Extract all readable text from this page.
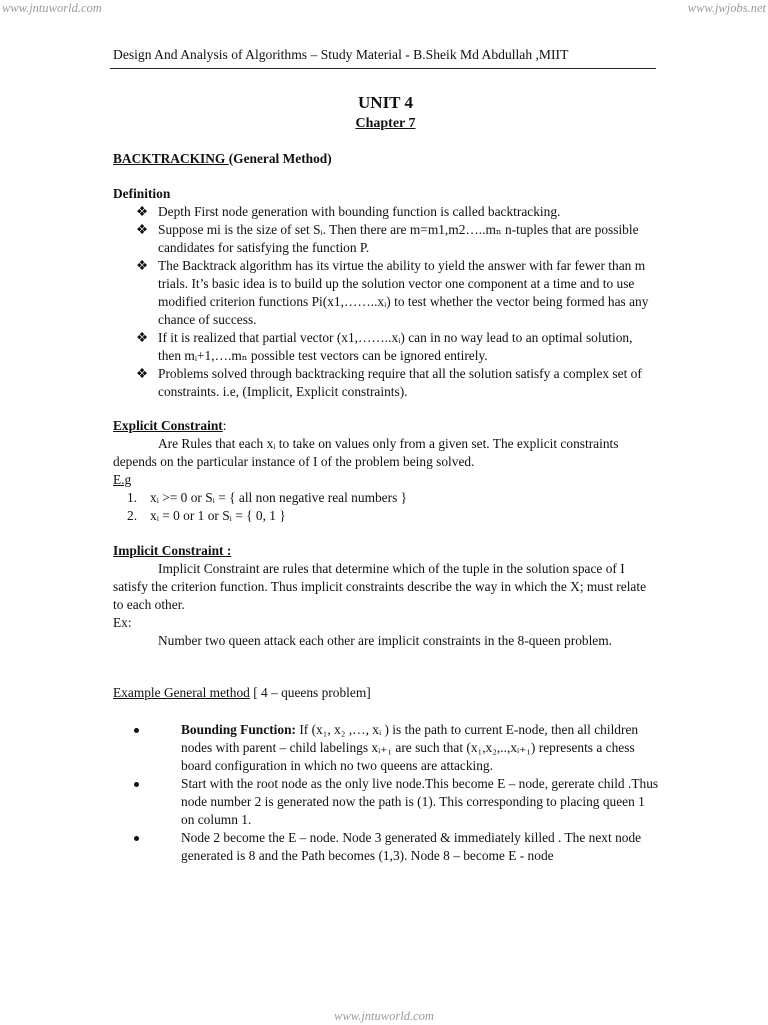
www.jntuworld.com	www.jwjobs.net
Design And Analysis of Algorithms – Study Material - B.Sheik Md Abdullah ,MIIT
UNIT 4
Chapter 7
BACKTRACKING (General Method)

Definition

❖ Depth First node generation with bounding function is called backtracking.
❖ Suppose mi is the size of set Sᵢ. Then there are m=m1,m2…..mₙ n-tuples that are possible candidates for satisfying the function P.
❖ The Backtrack algorithm has its virtue the ability to yield the answer with far fewer than m trials. It’s basic idea is to build up the solution vector one component at a time and to use modified criterion functions Pi(x1,……..xᵢ) to test whether the vector being formed has any chance of success.
❖ If it is realized that partial vector (x1,……..xᵢ) can in no way lead to an optimal solution, then mᵢ+1,….mₙ possible test vectors can be ignored entirely.
❖ Problems solved through backtracking require that all the solution satisfy a complex set of constraints. i.e, (Implicit, Explicit constraints).

Explicit Constraint:

Are Rules that each xᵢ to take on values only from a given set. The explicit constraints depends on the particular instance of I of the problem being solved.

E.g

1. xᵢ >= 0 or Sᵢ = { all non negative real numbers }
2. xᵢ = 0 or 1 or Sᵢ = { 0, 1 }

Implicit Constraint :

Implicit Constraint are rules that determine which of the tuple in the solution space of I satisfy the criterion function. Thus implicit constraints describe the way in which the X; must relate to each other.

Ex:

Number two queen attack each other are implicit constraints in the 8-queen problem.

Example General method [ 4 – queens problem]
Bounding Function: If (x₁, x₂ ,…, xᵢ ) is the path to current E-node, then all children nodes with parent – child labelings xᵢ₊₁ are such that (x₁,x₂,..,xᵢ₊₁) represents a chess board configuration in which no two queens are attacking.
Start with the root node as the only live node.This become E – node, gererate child .Thus node number 2 is generated now the path is (1). This corresponding to placing queen 1 on column 1.
Node 2 become the E – node. Node 3 generated & immediately killed . The next node generated is 8 and the Path becomes (1,3). Node 8 – become E - node
www.jntuworld.com
